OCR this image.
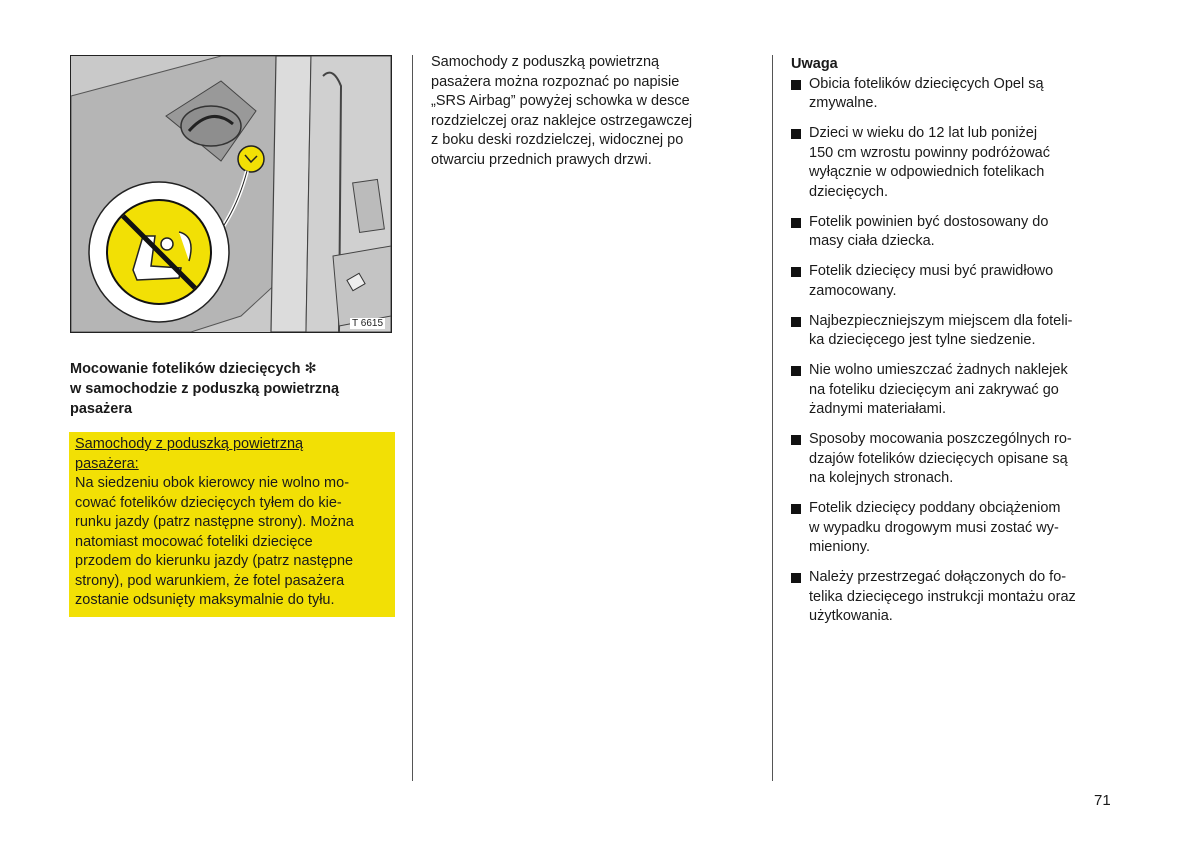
T 6615
Mocowanie fotelików dziecięcych ✻
w samochodzie z poduszką powietrzną
pasażera
Samochody z poduszką powietrzną
pasażera:
Na siedzeniu obok kierowcy nie wolno mo-
cować fotelików dziecięcych tyłem do kie-
runku jazdy (patrz następne strony). Można
natomiast mocować foteliki dziecięce
przodem do kierunku jazdy (patrz następne
strony), pod warunkiem, że fotel pasażera
zostanie odsunięty maksymalnie do tyłu.
Samochody z poduszką powietrzną
pasażera można rozpoznać po napisie
„SRS Airbag” powyżej schowka w desce
rozdzielczej oraz naklejce ostrzegawczej
z boku deski rozdzielczej, widocznej po
otwarciu przednich prawych drzwi.
Uwaga
Obicia fotelików dziecięcych Opel są
zmywalne.
Dzieci w wieku do 12 lat lub poniżej
150 cm wzrostu powinny podróżować
wyłącznie w odpowiednich fotelikach
dziecięcych.
Fotelik powinien być dostosowany do
masy ciała dziecka.
Fotelik dziecięcy musi być prawidłowo
zamocowany.
Najbezpieczniejszym miejscem dla foteli-
ka dziecięcego jest tylne siedzenie.
Nie wolno umieszczać żadnych naklejek
na foteliku dziecięcym ani zakrywać go
żadnymi materiałami.
Sposoby mocowania poszczególnych ro-
dzajów fotelików dziecięcych opisane są
na kolejnych stronach.
Fotelik dziecięcy poddany obciążeniom
w wypadku drogowym musi zostać wy-
mieniony.
Należy przestrzegać dołączonych do fo-
telika dziecięcego instrukcji montażu oraz
użytkowania.
71
